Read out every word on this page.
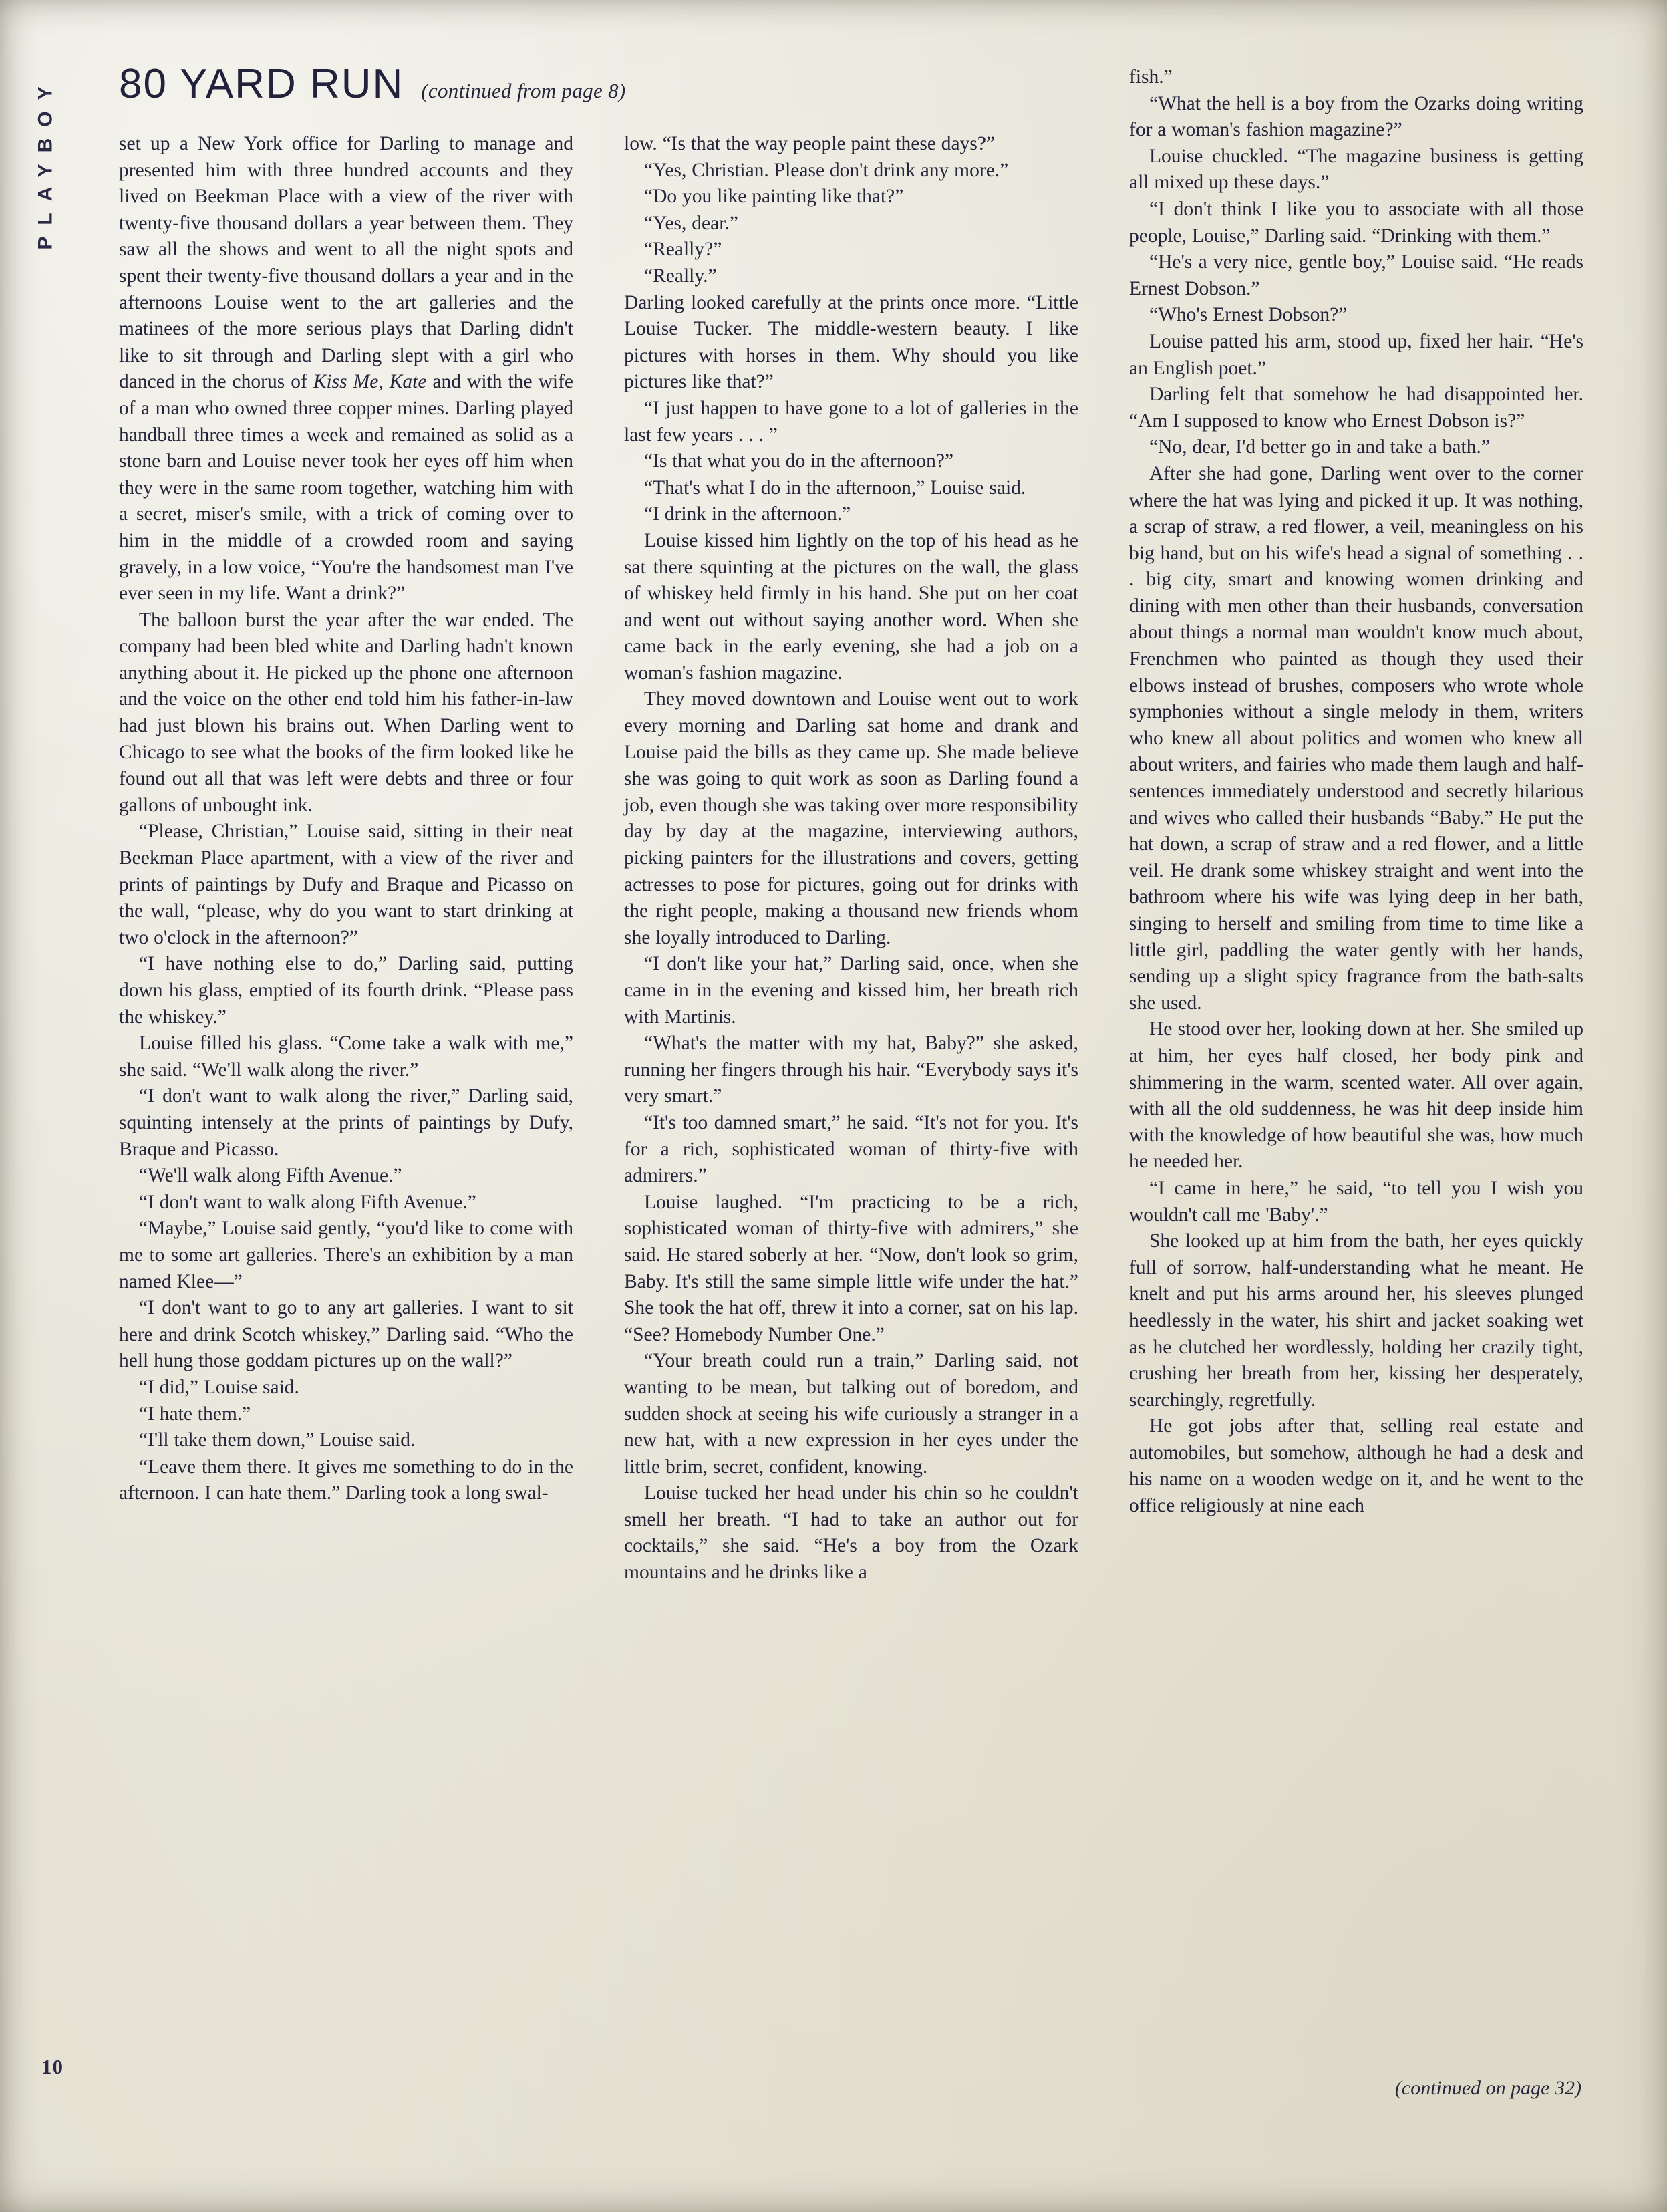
PLAYBOY 80 YARD RUN (continued from page 8)

set up a New York office for Darling to manage and presented him with three hundred accounts and they lived on Beekman Place with a view of the river with twenty-five thousand dollars a year between them. They saw all the shows and went to all the night spots and spent their twenty-five thousand dollars a year and in the afternoons Louise went to the art galleries and the matinees of the more serious plays that Darling didn't like to sit through and Darling slept with a girl who danced in the chorus of Kiss Me, Kate and with the wife of a man who owned three copper mines. Darling played handball three times a week and remained as solid as a stone barn and Louise never took her eyes off him when they were in the same room together, watching him with a secret, miser's smile, with a trick of coming over to him in the middle of a crowded room and saying gravely, in a low voice, “You're the handsomest man I've ever seen in my life. Want a drink?”

The balloon burst the year after the war ended. The company had been bled white and Darling hadn't known anything about it. He picked up the phone one afternoon and the voice on the other end told him his father-in-law had just blown his brains out. When Darling went to Chicago to see what the books of the firm looked like he found out all that was left were debts and three or four gallons of unbought ink.

“Please, Christian,” Louise said, sitting in their neat Beekman Place apartment, with a view of the river and prints of paintings by Dufy and Braque and Picasso on the wall, “please, why do you want to start drinking at two o'clock in the afternoon?”

“I have nothing else to do,” Darling said, putting down his glass, emptied of its fourth drink. “Please pass the whiskey.”

Louise filled his glass. “Come take a walk with me,” she said. “We'll walk along the river.”

“I don't want to walk along the river,” Darling said, squinting intensely at the prints of paintings by Dufy, Braque and Picasso.

“We'll walk along Fifth Avenue.”

“I don't want to walk along Fifth Avenue.”

“Maybe,” Louise said gently, “you'd like to come with me to some art galleries. There's an exhibition by a man named Klee—”

“I don't want to go to any art galleries. I want to sit here and drink Scotch whiskey,” Darling said. “Who the hell hung those goddam pictures up on the wall?”

“I did,” Louise said.

“I hate them.”

“I'll take them down,” Louise said.

“Leave them there. It gives me something to do in the afternoon. I can hate them.” Darling took a long swal-

low. “Is that the way people paint these days?”

“Yes, Christian. Please don't drink any more.”

“Do you like painting like that?”

“Yes, dear.”

“Really?”

“Really.”

Darling looked carefully at the prints once more. “Little Louise Tucker. The middle-western beauty. I like pictures with horses in them. Why should you like pictures like that?”

“I just happen to have gone to a lot of galleries in the last few years . . . ”

“Is that what you do in the afternoon?”

“That's what I do in the afternoon,” Louise said.

“I drink in the afternoon.”

Louise kissed him lightly on the top of his head as he sat there squinting at the pictures on the wall, the glass of whiskey held firmly in his hand. She put on her coat and went out without saying another word. When she came back in the early evening, she had a job on a woman's fashion magazine.

They moved downtown and Louise went out to work every morning and Darling sat home and drank and Louise paid the bills as they came up. She made believe she was going to quit work as soon as Darling found a job, even though she was taking over more responsibility day by day at the magazine, interviewing authors, picking painters for the illustrations and covers, getting actresses to pose for pictures, going out for drinks with the right people, making a thousand new friends whom she loyally introduced to Darling.

“I don't like your hat,” Darling said, once, when she came in in the evening and kissed him, her breath rich with Martinis.

“What's the matter with my hat, Baby?” she asked, running her fingers through his hair. “Everybody says it's very smart.”

“It's too damned smart,” he said. “It's not for you. It's for a rich, sophisticated woman of thirty-five with admirers.”

Louise laughed. “I'm practicing to be a rich, sophisticated woman of thirty-five with admirers,” she said. He stared soberly at her. “Now, don't look so grim, Baby. It's still the same simple little wife under the hat.” She took the hat off, threw it into a corner, sat on his lap. “See? Homebody Number One.”

“Your breath could run a train,” Darling said, not wanting to be mean, but talking out of boredom, and sudden shock at seeing his wife curiously a stranger in a new hat, with a new expression in her eyes under the little brim, secret, confident, knowing.

Louise tucked her head under his chin so he couldn't smell her breath. “I had to take an author out for cocktails,” she said. “He's a boy from the Ozark mountains and he drinks like a

fish.”

“What the hell is a boy from the Ozarks doing writing for a woman's fashion magazine?”

Louise chuckled. “The magazine business is getting all mixed up these days.”

“I don't think I like you to associate with all those people, Louise,” Darling said. “Drinking with them.”

“He's a very nice, gentle boy,” Louise said. “He reads Ernest Dobson.”

“Who's Ernest Dobson?”

Louise patted his arm, stood up, fixed her hair. “He's an English poet.”

Darling felt that somehow he had disappointed her. “Am I supposed to know who Ernest Dobson is?”

“No, dear, I'd better go in and take a bath.”

After she had gone, Darling went over to the corner where the hat was lying and picked it up. It was nothing, a scrap of straw, a red flower, a veil, meaningless on his big hand, but on his wife's head a signal of something . . . big city, smart and knowing women drinking and dining with men other than their husbands, conversation about things a normal man wouldn't know much about, Frenchmen who painted as though they used their elbows instead of brushes, composers who wrote whole symphonies without a single melody in them, writers who knew all about politics and women who knew all about writers, and fairies who made them laugh and half-sentences immediately understood and secretly hilarious and wives who called their husbands “Baby.” He put the hat down, a scrap of straw and a red flower, and a little veil. He drank some whiskey straight and went into the bathroom where his wife was lying deep in her bath, singing to herself and smiling from time to time like a little girl, paddling the water gently with her hands, sending up a slight spicy fragrance from the bath-salts she used.

He stood over her, looking down at her. She smiled up at him, her eyes half closed, her body pink and shimmering in the warm, scented water. All over again, with all the old suddenness, he was hit deep inside him with the knowledge of how beautiful she was, how much he needed her.

“I came in here,” he said, “to tell you I wish you wouldn't call me 'Baby'.”

She looked up at him from the bath, her eyes quickly full of sorrow, half-understanding what he meant. He knelt and put his arms around her, his sleeves plunged heedlessly in the water, his shirt and jacket soaking wet as he clutched her wordlessly, holding her crazily tight, crushing her breath from her, kissing her desperately, searchingly, regretfully.

He got jobs after that, selling real estate and automobiles, but somehow, although he had a desk and his name on a wooden wedge on it, and he went to the office religiously at nine each

10
(continued on page 32)
